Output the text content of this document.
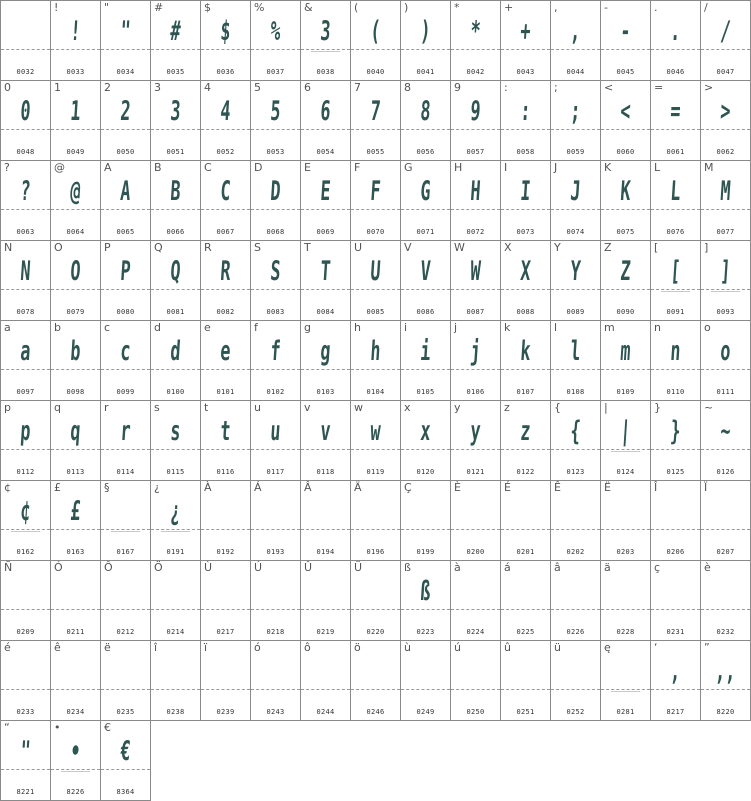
0032
!
!
0033
"
"
0034
#
#
0035
$
$
0036
%
%
0037
&
3
0038
(
(
0040
)
)
0041
*
*
0042
+
+
0043
,
,
0044
-
-
0045
.
.
0046
/
/
0047
0
0
0048
1
1
0049
2
2
0050
3
3
0051
4
4
0052
5
5
0053
6
6
0054
7
7
0055
8
8
0056
9
9
0057
:
:
0058
;
;
0059
<
<
0060
=
=
0061
>
>
0062
?
?
0063
@
@
0064
A
A
0065
B
B
0066
C
C
0067
D
D
0068
E
E
0069
F
F
0070
G
G
0071
H
H
0072
I
I
0073
J
J
0074
K
K
0075
L
L
0076
M
M
0077
N
N
0078
O
O
0079
P
P
0080
Q
Q
0081
R
R
0082
S
S
0083
T
T
0084
U
U
0085
V
V
0086
W
W
0087
X
X
0088
Y
Y
0089
Z
Z
0090
[
[
0091
]
]
0093
a
a
0097
b
b
0098
c
c
0099
d
d
0100
e
e
0101
f
f
0102
g
g
0103
h
h
0104
i
i
0105
j
j
0106
k
k
0107
l
l
0108
m
m
0109
n
n
0110
o
o
0111
p
p
0112
q
q
0113
r
r
0114
s
s
0115
t
t
0116
u
u
0117
v
v
0118
w
w
0119
x
x
0120
y
y
0121
z
z
0122
{
{
0123
|
|
0124
}
}
0125
~
~
0126
¢
¢
0162
£
£
0163
§
0167
¿
¿
0191
À
0192
Á
0193
Â
0194
Ä
0196
Ç
0199
È
0200
É
0201
Ê
0202
Ë
0203
Î
0206
Ï
0207
Ñ
0209
Ó
0211
Ô
0212
Ö
0214
Ù
0217
Ú
0218
Û
0219
Ü
0220
ß
ß
0223
à
0224
á
0225
â
0226
ä
0228
ç
0231
è
0232
é
0233
ê
0234
ë
0235
î
0238
ï
0239
ó
0243
ô
0244
ö
0246
ù
0249
ú
0250
û
0251
ü
0252
ę
0281
‘
,
8217
”
,,
8220
“
"
8221
•
•
8226
€
€
8364
